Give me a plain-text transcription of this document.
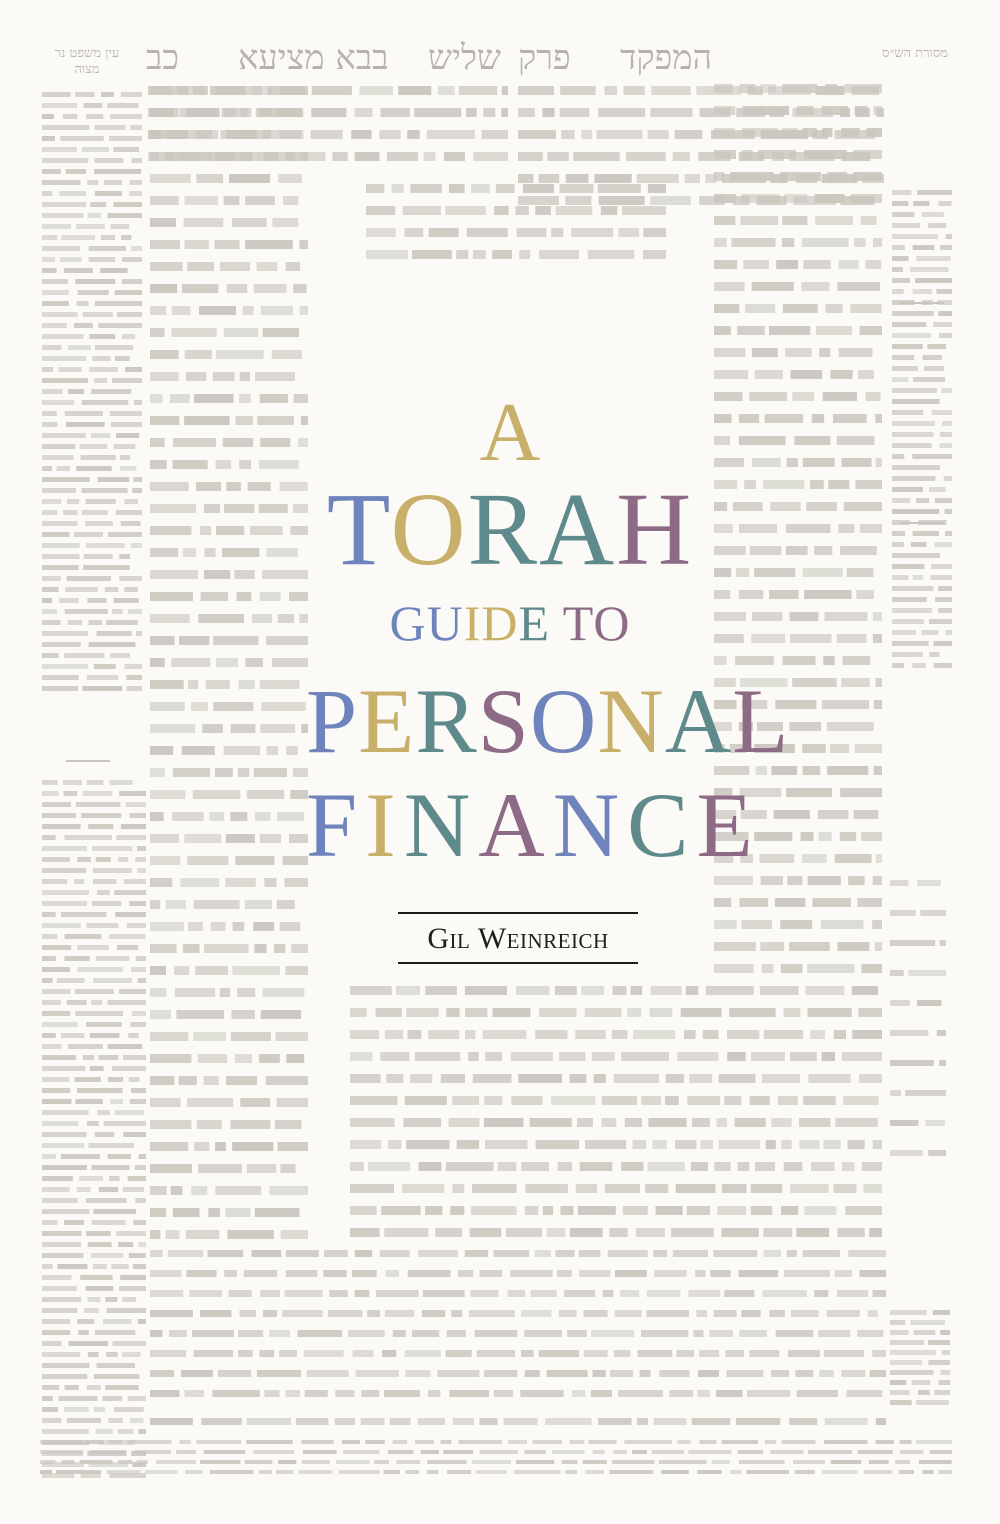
המפקד
פרק
שליש
בבא מציעא
כב
עין משפט נר מצוה
מסורת הש״ס
A
TORAH
GUIDE TO
PERSONAL
FINANCE
Gil Weinreich
